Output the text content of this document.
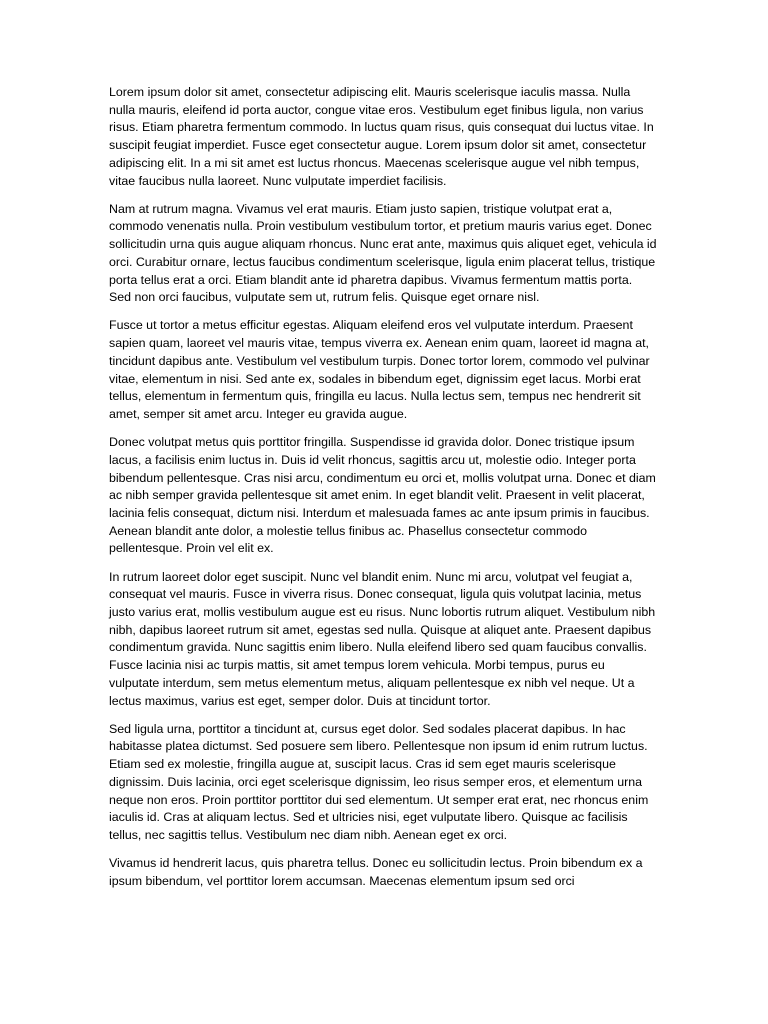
Lorem ipsum dolor sit amet, consectetur adipiscing elit. Mauris scelerisque iaculis massa. Nulla nulla mauris, eleifend id porta auctor, congue vitae eros. Vestibulum eget finibus ligula, non varius risus. Etiam pharetra fermentum commodo. In luctus quam risus, quis consequat dui luctus vitae. In suscipit feugiat imperdiet. Fusce eget consectetur augue. Lorem ipsum dolor sit amet, consectetur adipiscing elit. In a mi sit amet est luctus rhoncus. Maecenas scelerisque augue vel nibh tempus, vitae faucibus nulla laoreet. Nunc vulputate imperdiet facilisis.

Nam at rutrum magna. Vivamus vel erat mauris. Etiam justo sapien, tristique volutpat erat a, commodo venenatis nulla. Proin vestibulum vestibulum tortor, et pretium mauris varius eget. Donec sollicitudin urna quis augue aliquam rhoncus. Nunc erat ante, maximus quis aliquet eget, vehicula id orci. Curabitur ornare, lectus faucibus condimentum scelerisque, ligula enim placerat tellus, tristique porta tellus erat a orci. Etiam blandit ante id pharetra dapibus. Vivamus fermentum mattis porta. Sed non orci faucibus, vulputate sem ut, rutrum felis. Quisque eget ornare nisl.

Fusce ut tortor a metus efficitur egestas. Aliquam eleifend eros vel vulputate interdum. Praesent sapien quam, laoreet vel mauris vitae, tempus viverra ex. Aenean enim quam, laoreet id magna at, tincidunt dapibus ante. Vestibulum vel vestibulum turpis. Donec tortor lorem, commodo vel pulvinar vitae, elementum in nisi. Sed ante ex, sodales in bibendum eget, dignissim eget lacus. Morbi erat tellus, elementum in fermentum quis, fringilla eu lacus. Nulla lectus sem, tempus nec hendrerit sit amet, semper sit amet arcu. Integer eu gravida augue.

Donec volutpat metus quis porttitor fringilla. Suspendisse id gravida dolor. Donec tristique ipsum lacus, a facilisis enim luctus in. Duis id velit rhoncus, sagittis arcu ut, molestie odio. Integer porta bibendum pellentesque. Cras nisi arcu, condimentum eu orci et, mollis volutpat urna. Donec et diam ac nibh semper gravida pellentesque sit amet enim. In eget blandit velit. Praesent in velit placerat, lacinia felis consequat, dictum nisi. Interdum et malesuada fames ac ante ipsum primis in faucibus. Aenean blandit ante dolor, a molestie tellus finibus ac. Phasellus consectetur commodo pellentesque. Proin vel elit ex.

In rutrum laoreet dolor eget suscipit. Nunc vel blandit enim. Nunc mi arcu, volutpat vel feugiat a, consequat vel mauris. Fusce in viverra risus. Donec consequat, ligula quis volutpat lacinia, metus justo varius erat, mollis vestibulum augue est eu risus. Nunc lobortis rutrum aliquet. Vestibulum nibh nibh, dapibus laoreet rutrum sit amet, egestas sed nulla. Quisque at aliquet ante. Praesent dapibus condimentum gravida. Nunc sagittis enim libero. Nulla eleifend libero sed quam faucibus convallis. Fusce lacinia nisi ac turpis mattis, sit amet tempus lorem vehicula. Morbi tempus, purus eu vulputate interdum, sem metus elementum metus, aliquam pellentesque ex nibh vel neque. Ut a lectus maximus, varius est eget, semper dolor. Duis at tincidunt tortor.

Sed ligula urna, porttitor a tincidunt at, cursus eget dolor. Sed sodales placerat dapibus. In hac habitasse platea dictumst. Sed posuere sem libero. Pellentesque non ipsum id enim rutrum luctus. Etiam sed ex molestie, fringilla augue at, suscipit lacus. Cras id sem eget mauris scelerisque dignissim. Duis lacinia, orci eget scelerisque dignissim, leo risus semper eros, et elementum urna neque non eros. Proin porttitor porttitor dui sed elementum. Ut semper erat erat, nec rhoncus enim iaculis id. Cras at aliquam lectus. Sed et ultricies nisi, eget vulputate libero. Quisque ac facilisis tellus, nec sagittis tellus. Vestibulum nec diam nibh. Aenean eget ex orci.

Vivamus id hendrerit lacus, quis pharetra tellus. Donec eu sollicitudin lectus. Proin bibendum ex a ipsum bibendum, vel porttitor lorem accumsan. Maecenas elementum ipsum sed orci
